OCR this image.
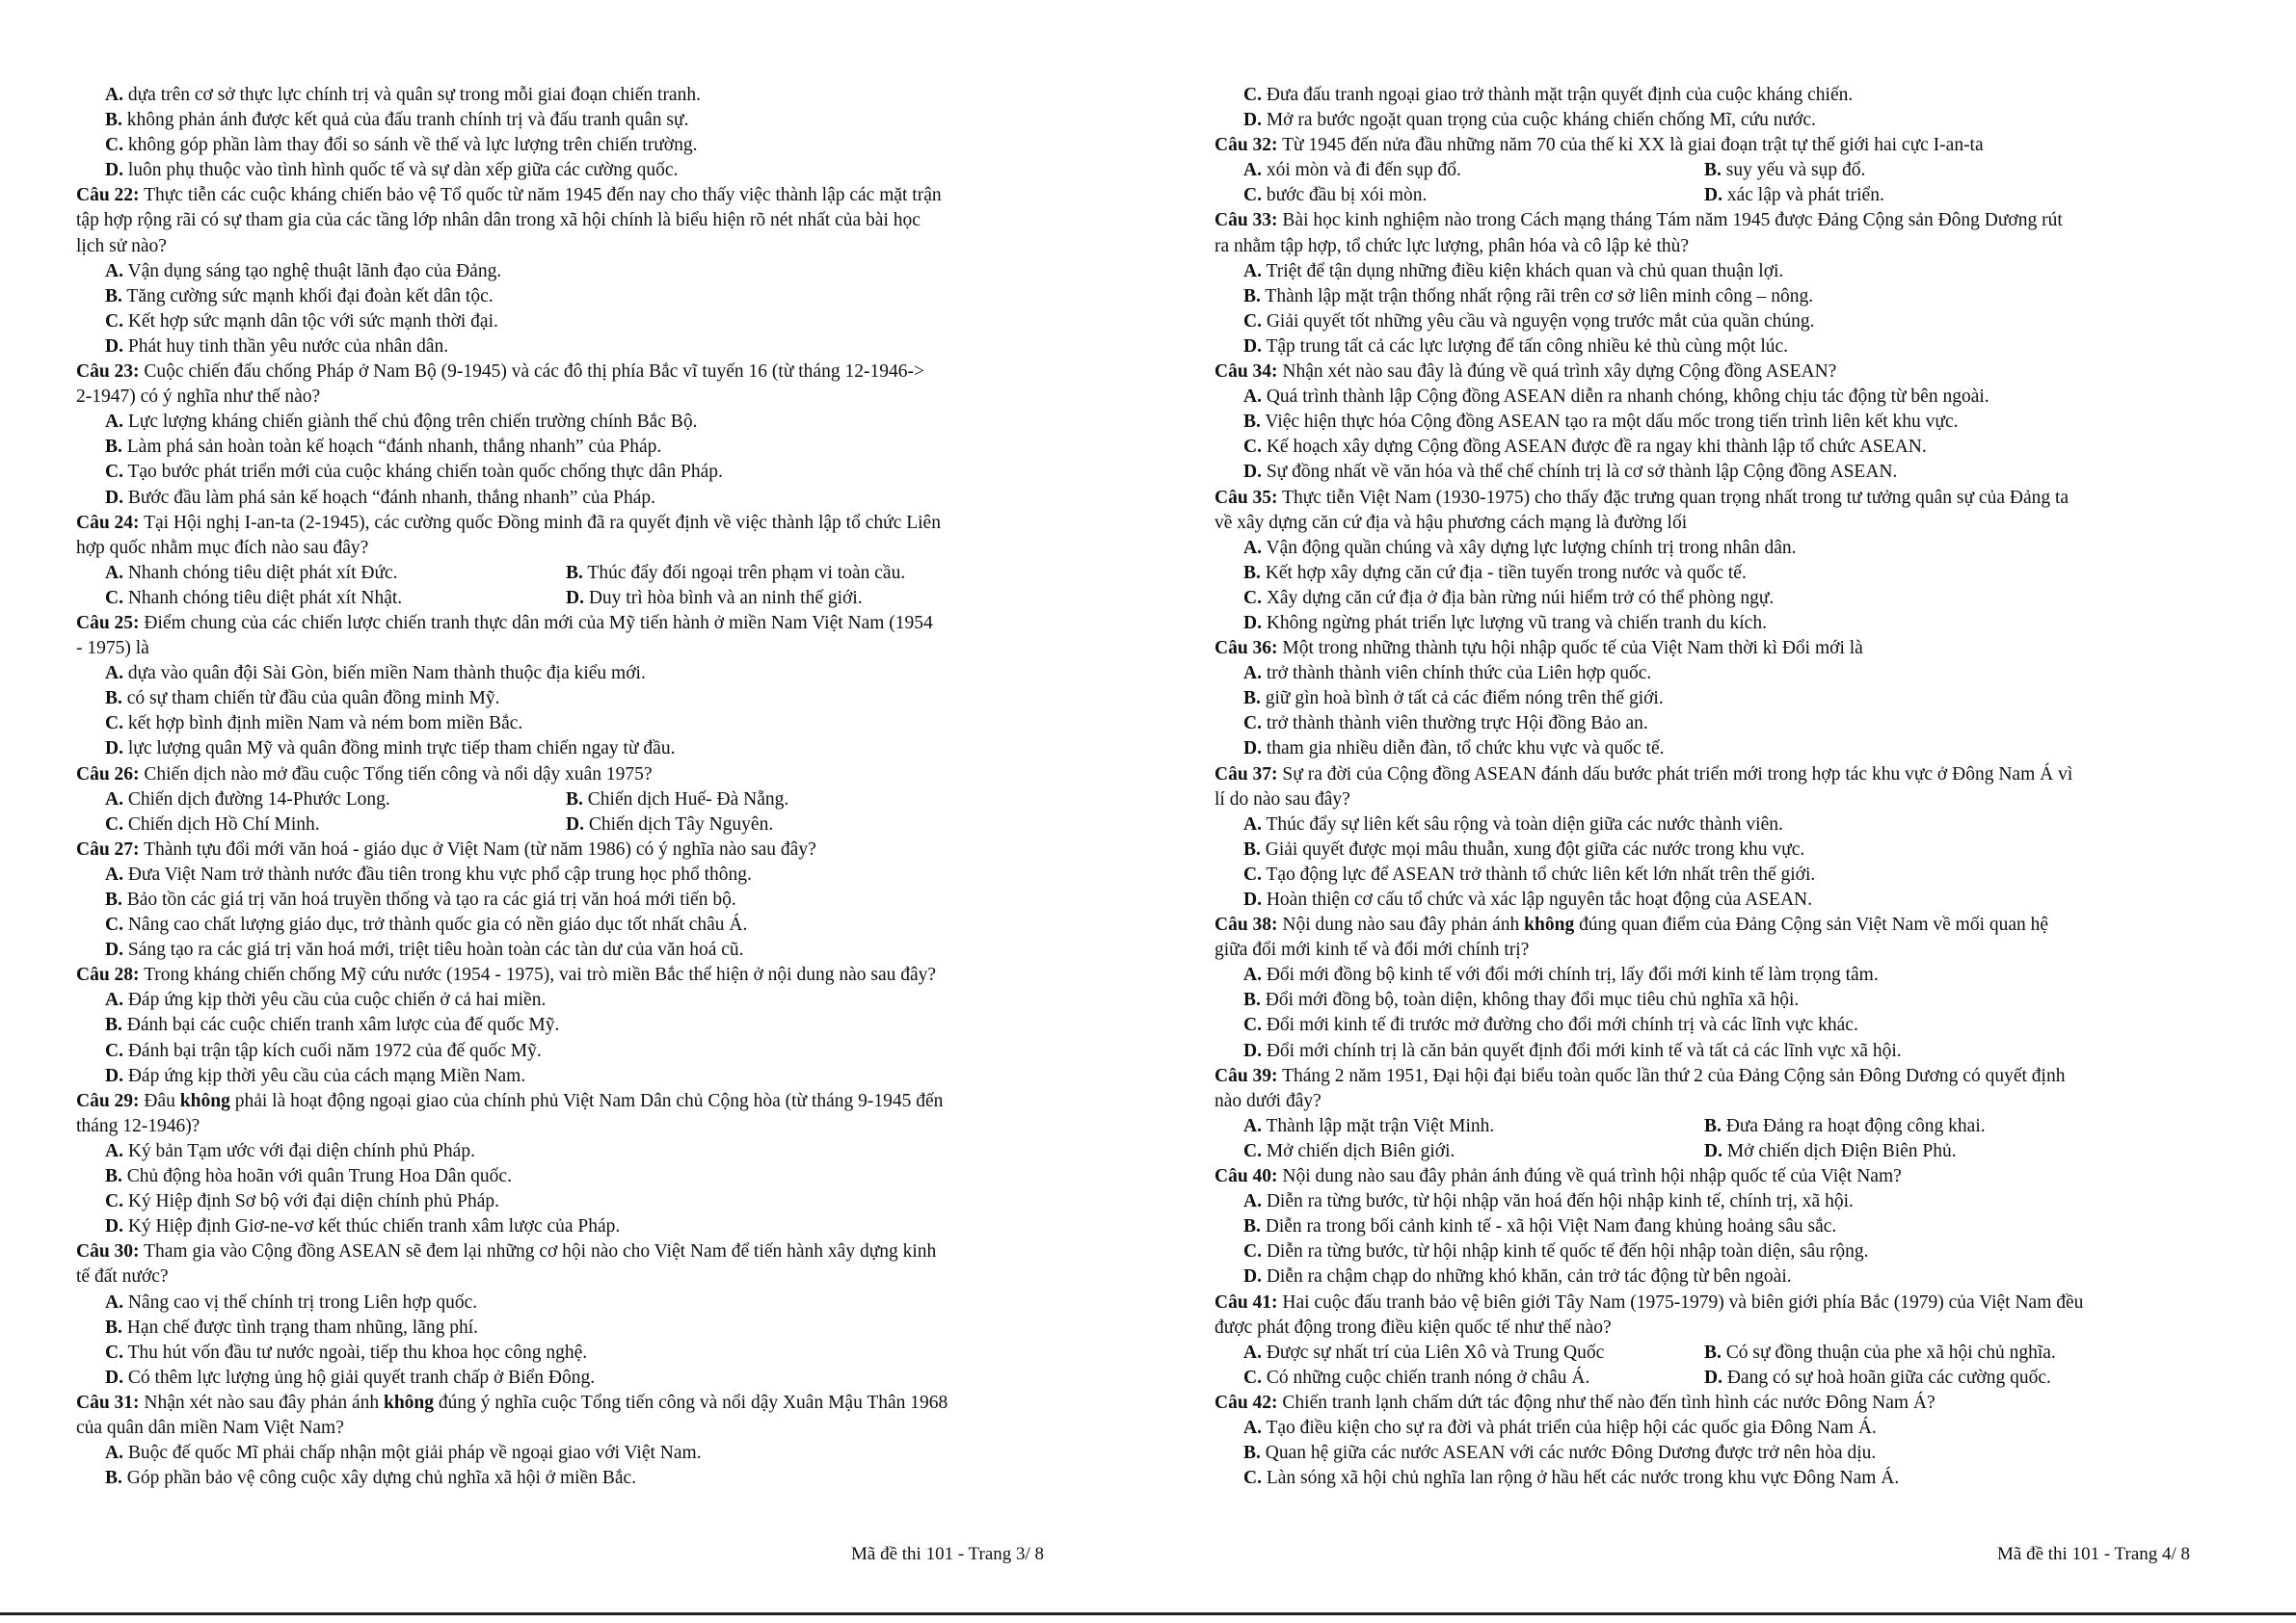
A. dựa trên cơ sở thực lực chính trị và quân sự trong mỗi giai đoạn chiến tranh.
B. không phản ánh được kết quả của đấu tranh chính trị và đấu tranh quân sự.
C. không góp phần làm thay đổi so sánh về thế và lực lượng trên chiến trường.
D. luôn phụ thuộc vào tình hình quốc tế và sự dàn xếp giữa các cường quốc.
Câu 22: Thực tiễn các cuộc kháng chiến bảo vệ Tổ quốc từ năm 1945 đến nay cho thấy việc thành lập các mặt trận
tập hợp rộng rãi có sự tham gia của các tầng lớp nhân dân trong xã hội chính là biểu hiện rõ nét nhất của bài học
lịch sử nào?
A. Vận dụng sáng tạo nghệ thuật lãnh đạo của Đảng.
B. Tăng cường sức mạnh khối đại đoàn kết dân tộc.
C. Kết hợp sức mạnh dân tộc với sức mạnh thời đại.
D. Phát huy tinh thần yêu nước của nhân dân.
Câu 23: Cuộc chiến đấu chống Pháp ở Nam Bộ (9-1945) và các đô thị phía Bắc vĩ tuyến 16 (từ tháng 12-1946->
2-1947) có ý nghĩa như thế nào?
A. Lực lượng kháng chiến giành thế chủ động trên chiến trường chính Bắc Bộ.
B. Làm phá sản hoàn toàn kế hoạch “đánh nhanh, thắng nhanh” của Pháp.
C. Tạo bước phát triển mới của cuộc kháng chiến toàn quốc chống thực dân Pháp.
D. Bước đầu làm phá sản kế hoạch “đánh nhanh, thắng nhanh” của Pháp.
Câu 24: Tại Hội nghị I-an-ta (2-1945), các cường quốc Đồng minh đã ra quyết định về việc thành lập tổ chức Liên
hợp quốc nhằm mục đích nào sau đây?
A. Nhanh chóng tiêu diệt phát xít Đức.	B. Thúc đẩy đối ngoại trên phạm vi toàn cầu.
C. Nhanh chóng tiêu diệt phát xít Nhật.	D. Duy trì hòa bình và an ninh thế giới.
Câu 25: Điểm chung của các chiến lược chiến tranh thực dân mới của Mỹ tiến hành ở miền Nam Việt Nam (1954
- 1975) là
A. dựa vào quân đội Sài Gòn, biến miền Nam thành thuộc địa kiểu mới.
B. có sự tham chiến từ đầu của quân đồng minh Mỹ.
C. kết hợp bình định miền Nam và ném bom miền Bắc.
D. lực lượng quân Mỹ và quân đồng minh trực tiếp tham chiến ngay từ đầu.
Câu 26: Chiến dịch nào mở đầu cuộc Tổng tiến công và nổi dậy xuân 1975?
A. Chiến dịch đường 14-Phước Long.	B. Chiến dịch Huế- Đà Nẵng.
C. Chiến dịch Hồ Chí Minh.	D. Chiến dịch Tây Nguyên.
Câu 27: Thành tựu đổi mới văn hoá - giáo dục ở Việt Nam (từ năm 1986) có ý nghĩa nào sau đây?
A. Đưa Việt Nam trở thành nước đầu tiên trong khu vực phổ cập trung học phổ thông.
B. Bảo tồn các giá trị văn hoá truyền thống và tạo ra các giá trị văn hoá mới tiến bộ.
C. Nâng cao chất lượng giáo dục, trở thành quốc gia có nền giáo dục tốt nhất châu Á.
D. Sáng tạo ra các giá trị văn hoá mới, triệt tiêu hoàn toàn các tàn dư của văn hoá cũ.
Câu 28: Trong kháng chiến chống Mỹ cứu nước (1954 - 1975), vai trò miền Bắc thể hiện ở nội dung nào sau đây?
A. Đáp ứng kịp thời yêu cầu của cuộc chiến ở cả hai miền.
B. Đánh bại các cuộc chiến tranh xâm lược của đế quốc Mỹ.
C. Đánh bại trận tập kích cuối năm 1972 của đế quốc Mỹ.
D. Đáp ứng kịp thời yêu cầu của cách mạng Miền Nam.
Câu 29: Đâu không phải là hoạt động ngoại giao của chính phủ Việt Nam Dân chủ Cộng hòa (từ tháng 9-1945 đến
tháng 12-1946)?
A. Ký bản Tạm ước với đại diện chính phủ Pháp.
B. Chủ động hòa hoãn với quân Trung Hoa Dân quốc.
C. Ký Hiệp định Sơ bộ với đại diện chính phủ Pháp.
D. Ký Hiệp định Giơ-ne-vơ kết thúc chiến tranh xâm lược của Pháp.
Câu 30: Tham gia vào Cộng đồng ASEAN sẽ đem lại những cơ hội nào cho Việt Nam để tiến hành xây dựng kinh
tế đất nước?
A. Nâng cao vị thế chính trị trong Liên hợp quốc.
B. Hạn chế được tình trạng tham nhũng, lãng phí.
C. Thu hút vốn đầu tư nước ngoài, tiếp thu khoa học công nghệ.
D. Có thêm lực lượng ủng hộ giải quyết tranh chấp ở Biển Đông.
Câu 31: Nhận xét nào sau đây phản ánh không đúng ý nghĩa cuộc Tổng tiến công và nổi dậy Xuân Mậu Thân 1968
của quân dân miền Nam Việt Nam?
A. Buộc đế quốc Mĩ phải chấp nhận một giải pháp về ngoại giao với Việt Nam.
B. Góp phần bảo vệ công cuộc xây dựng chủ nghĩa xã hội ở miền Bắc.
C. Đưa đấu tranh ngoại giao trở thành mặt trận quyết định của cuộc kháng chiến.
D. Mở ra bước ngoặt quan trọng của cuộc kháng chiến chống Mĩ, cứu nước.
Câu 32: Từ 1945 đến nửa đầu những năm 70 của thế kỉ XX là giai đoạn trật tự thế giới hai cực I-an-ta
A. xói mòn và đi đến sụp đổ.	B. suy yếu và sụp đổ.
C. bước đầu bị xói mòn.	D. xác lập và phát triển.
Câu 33: Bài học kinh nghiệm nào trong Cách mạng tháng Tám năm 1945 được Đảng Cộng sản Đông Dương rút
ra nhằm tập hợp, tổ chức lực lượng, phân hóa và cô lập kẻ thù?
A. Triệt để tận dụng những điều kiện khách quan và chủ quan thuận lợi.
B. Thành lập mặt trận thống nhất rộng rãi trên cơ sở liên minh công – nông.
C. Giải quyết tốt những yêu cầu và nguyện vọng trước mắt của quần chúng.
D. Tập trung tất cả các lực lượng để tấn công nhiều kẻ thù cùng một lúc.
Câu 34: Nhận xét nào sau đây là đúng về quá trình xây dựng Cộng đồng ASEAN?
A. Quá trình thành lập Cộng đồng ASEAN diễn ra nhanh chóng, không chịu tác động từ bên ngoài.
B. Việc hiện thực hóa Cộng đồng ASEAN tạo ra một dấu mốc trong tiến trình liên kết khu vực.
C. Kế hoạch xây dựng Cộng đồng ASEAN được đề ra ngay khi thành lập tổ chức ASEAN.
D. Sự đồng nhất về văn hóa và thể chế chính trị là cơ sở thành lập Cộng đồng ASEAN.
Câu 35: Thực tiễn Việt Nam (1930-1975) cho thấy đặc trưng quan trọng nhất trong tư tưởng quân sự của Đảng ta
về xây dựng căn cứ địa và hậu phương cách mạng là đường lối
A. Vận động quần chúng và xây dựng lực lượng chính trị trong nhân dân.
B. Kết hợp xây dựng căn cứ địa - tiền tuyến trong nước và quốc tế.
C. Xây dựng căn cứ địa ở địa bàn rừng núi hiểm trở có thể phòng ngự.
D. Không ngừng phát triển lực lượng vũ trang và chiến tranh du kích.
Câu 36: Một trong những thành tựu hội nhập quốc tế của Việt Nam thời kì Đổi mới là
A. trở thành thành viên chính thức của Liên hợp quốc.
B. giữ gìn hoà bình ở tất cả các điểm nóng trên thế giới.
C. trở thành thành viên thường trực Hội đồng Bảo an.
D. tham gia nhiều diễn đàn, tổ chức khu vực và quốc tế.
Câu 37: Sự ra đời của Cộng đồng ASEAN đánh dấu bước phát triển mới trong hợp tác khu vực ở Đông Nam Á vì
lí do nào sau đây?
A. Thúc đẩy sự liên kết sâu rộng và toàn diện giữa các nước thành viên.
B. Giải quyết được mọi mâu thuẫn, xung đột giữa các nước trong khu vực.
C. Tạo động lực để ASEAN trở thành tổ chức liên kết lớn nhất trên thế giới.
D. Hoàn thiện cơ cấu tổ chức và xác lập nguyên tắc hoạt động của ASEAN.
Câu 38: Nội dung nào sau đây phản ánh không đúng quan điểm của Đảng Cộng sản Việt Nam về mối quan hệ
giữa đổi mới kinh tế và đổi mới chính trị?
A. Đổi mới đồng bộ kinh tế với đổi mới chính trị, lấy đổi mới kinh tế làm trọng tâm.
B. Đổi mới đồng bộ, toàn diện, không thay đổi mục tiêu chủ nghĩa xã hội.
C. Đổi mới kinh tế đi trước mở đường cho đổi mới chính trị và các lĩnh vực khác.
D. Đổi mới chính trị là căn bản quyết định đổi mới kinh tế và tất cả các lĩnh vực xã hội.
Câu 39: Tháng 2 năm 1951, Đại hội đại biểu toàn quốc lần thứ 2 của Đảng Cộng sản Đông Dương có quyết định
nào dưới đây?
A. Thành lập mặt trận Việt Minh.	B. Đưa Đảng ra hoạt động công khai.
C. Mở chiến dịch Biên giới.	D. Mở chiến dịch Điện Biên Phủ.
Câu 40: Nội dung nào sau đây phản ánh đúng về quá trình hội nhập quốc tế của Việt Nam?
A. Diễn ra từng bước, từ hội nhập văn hoá đến hội nhập kinh tế, chính trị, xã hội.
B. Diễn ra trong bối cảnh kinh tế - xã hội Việt Nam đang khủng hoảng sâu sắc.
C. Diễn ra từng bước, từ hội nhập kinh tế quốc tế đến hội nhập toàn diện, sâu rộng.
D. Diễn ra chậm chạp do những khó khăn, cản trở tác động từ bên ngoài.
Câu 41: Hai cuộc đấu tranh bảo vệ biên giới Tây Nam (1975-1979) và biên giới phía Bắc (1979) của Việt Nam đều
được phát động trong điều kiện quốc tế như thế nào?
A. Được sự nhất trí của Liên Xô và Trung Quốc	B. Có sự đồng thuận của phe xã hội chủ nghĩa.
C. Có những cuộc chiến tranh nóng ở châu Á.	D. Đang có sự hoà hoãn giữa các cường quốc.
Câu 42: Chiến tranh lạnh chấm dứt tác động như thế nào đến tình hình các nước Đông Nam Á?
A. Tạo điều kiện cho sự ra đời và phát triển của hiệp hội các quốc gia Đông Nam Á.
B. Quan hệ giữa các nước ASEAN với các nước Đông Dương được trở nên hòa dịu.
C. Làn sóng xã hội chủ nghĩa lan rộng ở hầu hết các nước trong khu vực Đông Nam Á.
Mã đề thi 101 - Trang 3/ 8	Mã đề thi 101 - Trang 4/ 8
